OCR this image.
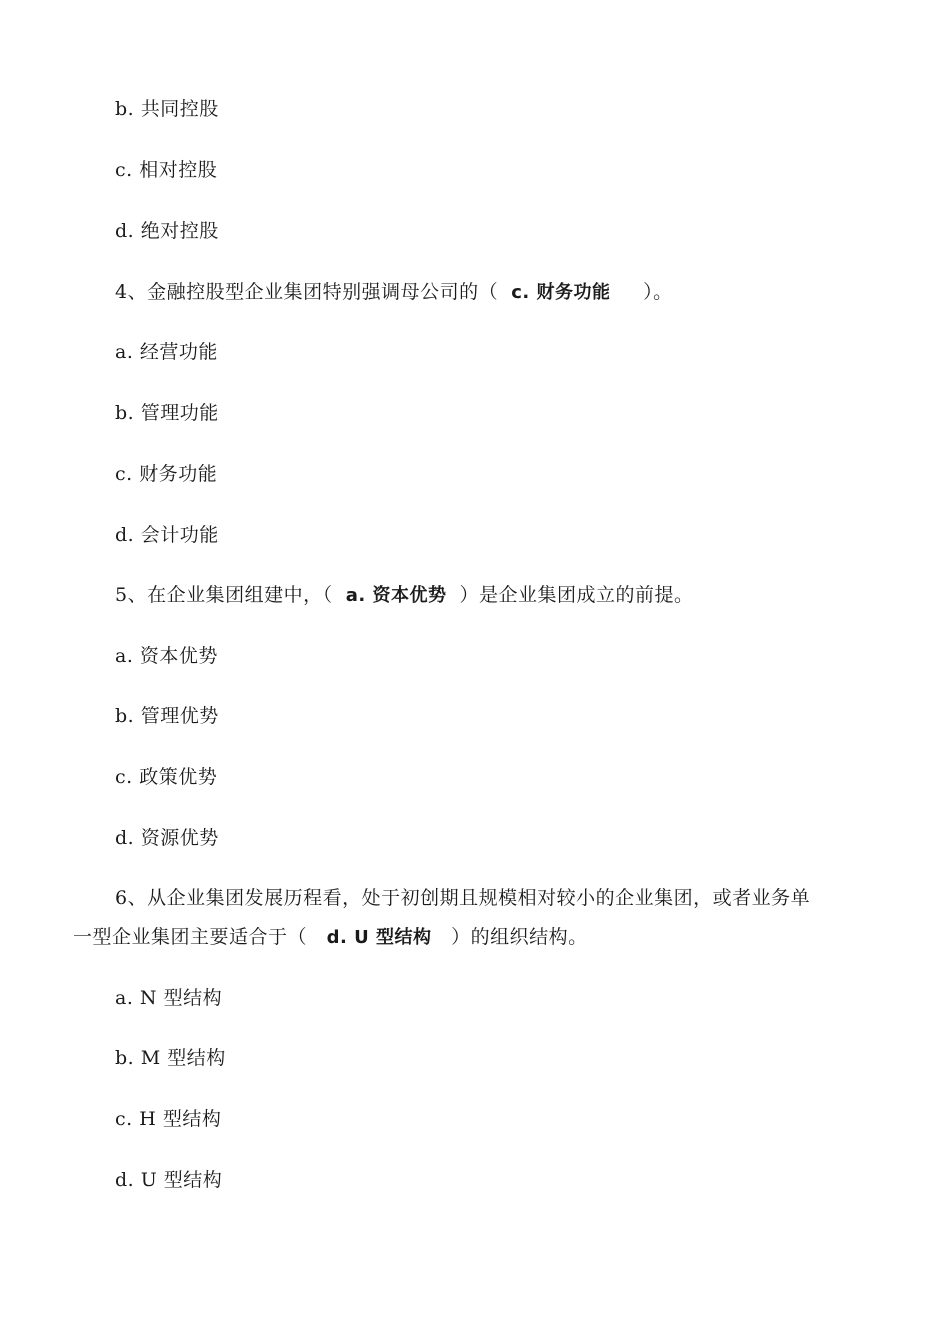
b. 共同控股
c. 相对控股
d. 绝对控股
4、金融控股型企业集团特别强调母公司的（ c. 财务功能 ）。
a. 经营功能
b. 管理功能
c. 财务功能
d. 会计功能
5、在企业集团组建中，（ a. 资本优势 ）是企业集团成立的前提。
a. 资本优势
b. 管理优势
c. 政策优势
d. 资源优势
6、从企业集团发展历程看，处于初创期且规模相对较小的企业集团，或者业务单
一型企业集团主要适合于（ d. U 型结构 ）的组织结构。
a. N 型结构
b. M 型结构
c. H 型结构
d. U 型结构
